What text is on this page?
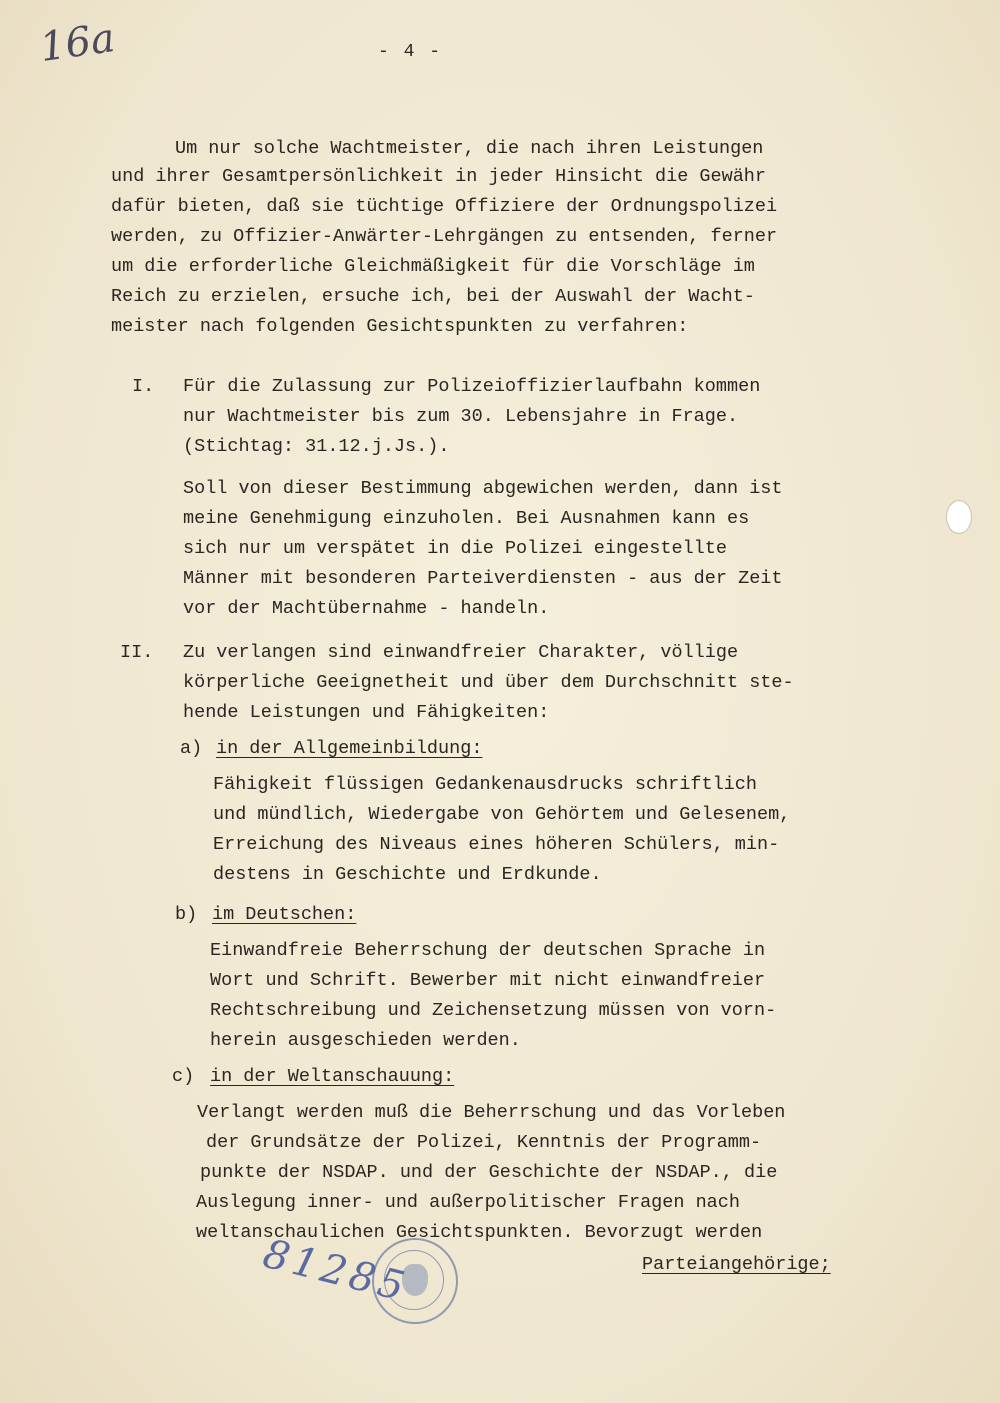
16a	- 4 -
Um nur solche Wachtmeister, die nach ihren Leistungen
und ihrer Gesamtpersönlichkeit in jeder Hinsicht die Gewähr
dafür bieten, daß sie tüchtige Offiziere der Ordnungspolizei
werden, zu Offizier-Anwärter-Lehrgängen zu entsenden, ferner
um die erforderliche Gleichmäßigkeit für die Vorschläge im
Reich zu erzielen, ersuche ich, bei der Auswahl der Wacht-
meister nach folgenden Gesichtspunkten zu verfahren:
I. Für die Zulassung zur Polizeioffizierlaufbahn kommen
nur Wachtmeister bis zum 30. Lebensjahre in Frage.
(Stichtag: 31.12.j.Js.).
Soll von dieser Bestimmung abgewichen werden, dann ist
meine Genehmigung einzuholen. Bei Ausnahmen kann es
sich nur um verspätet in die Polizei eingestellte
Männer mit besonderen Parteiverdiensten - aus der Zeit
vor der Machtübernahme - handeln.
II. Zu verlangen sind einwandfreier Charakter, völlige
körperliche Geeignetheit und über dem Durchschnitt ste-
hende Leistungen und Fähigkeiten:
a) in der Allgemeinbildung:
Fähigkeit flüssigen Gedankenausdrucks schriftlich
und mündlich, Wiedergabe von Gehörtem und Gelesenem,
Erreichung des Niveaus eines höheren Schülers, min-
destens in Geschichte und Erdkunde.
b) im Deutschen:
Einwandfreie Beherrschung der deutschen Sprache in
Wort und Schrift. Bewerber mit nicht einwandfreier
Rechtschreibung und Zeichensetzung müssen von vorn-
herein ausgeschieden werden.
c) in der Weltanschauung:
Verlangt werden muß die Beherrschung und das Vorleben
der Grundsätze der Polizei, Kenntnis der Programm-
punkte der NSDAP. und der Geschichte der NSDAP., die
Auslegung inner- und außerpolitischer Fragen nach
weltanschaulichen Gesichtspunkten. Bevorzugt werden
Parteiangehörige;
81285
